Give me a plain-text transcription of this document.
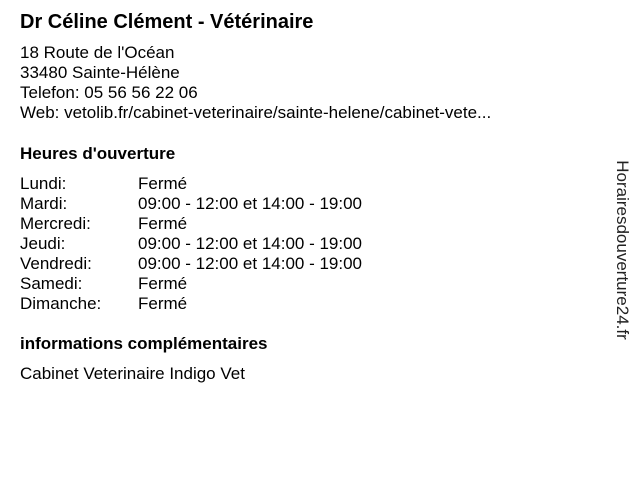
Dr Céline Clément - Vétérinaire
18 Route de l'Océan
33480 Sainte-Hélène
Telefon: 05 56 56 22 06
Web: vetolib.fr/cabinet-veterinaire/sainte-helene/cabinet-vete...
Heures d'ouverture
Lundi:	Fermé
Mardi:	09:00 - 12:00 et 14:00 - 19:00
Mercredi:	Fermé
Jeudi:	09:00 - 12:00 et 14:00 - 19:00
Vendredi:	09:00 - 12:00 et 14:00 - 19:00
Samedi:	Fermé
Dimanche: Fermé
informations complémentaires
Cabinet Veterinaire Indigo Vet
Horairesdouverture24.fr
